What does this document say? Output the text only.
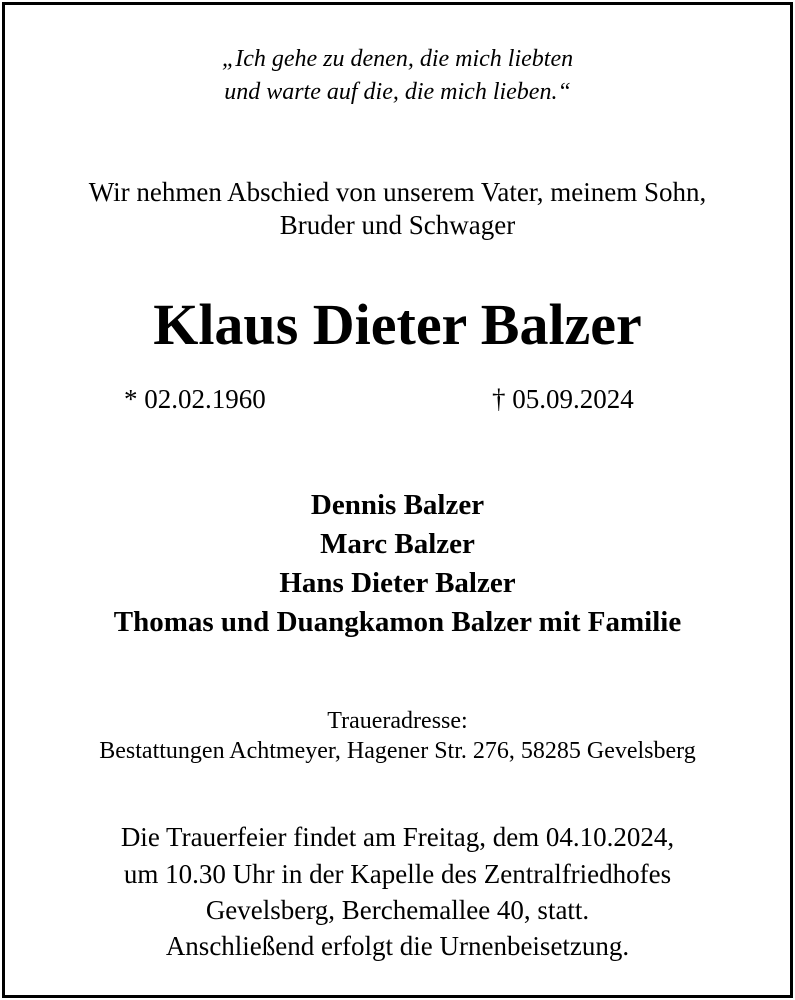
„Ich gehe zu denen, die mich liebten
und warte auf die, die mich lieben.“
Wir nehmen Abschied von unserem Vater, meinem Sohn,
Bruder und Schwager
Klaus Dieter Balzer
* 02.02.1960	† 05.09.2024
Dennis Balzer
Marc Balzer
Hans Dieter Balzer
Thomas und Duangkamon Balzer mit Familie
Traueradresse:
Bestattungen Achtmeyer, Hagener Str. 276, 58285 Gevelsberg
Die Trauerfeier findet am Freitag, dem 04.10.2024,
um 10.30 Uhr in der Kapelle des Zentralfriedhofes
Gevelsberg, Berchemallee 40, statt.
Anschließend erfolgt die Urnenbeisetzung.
